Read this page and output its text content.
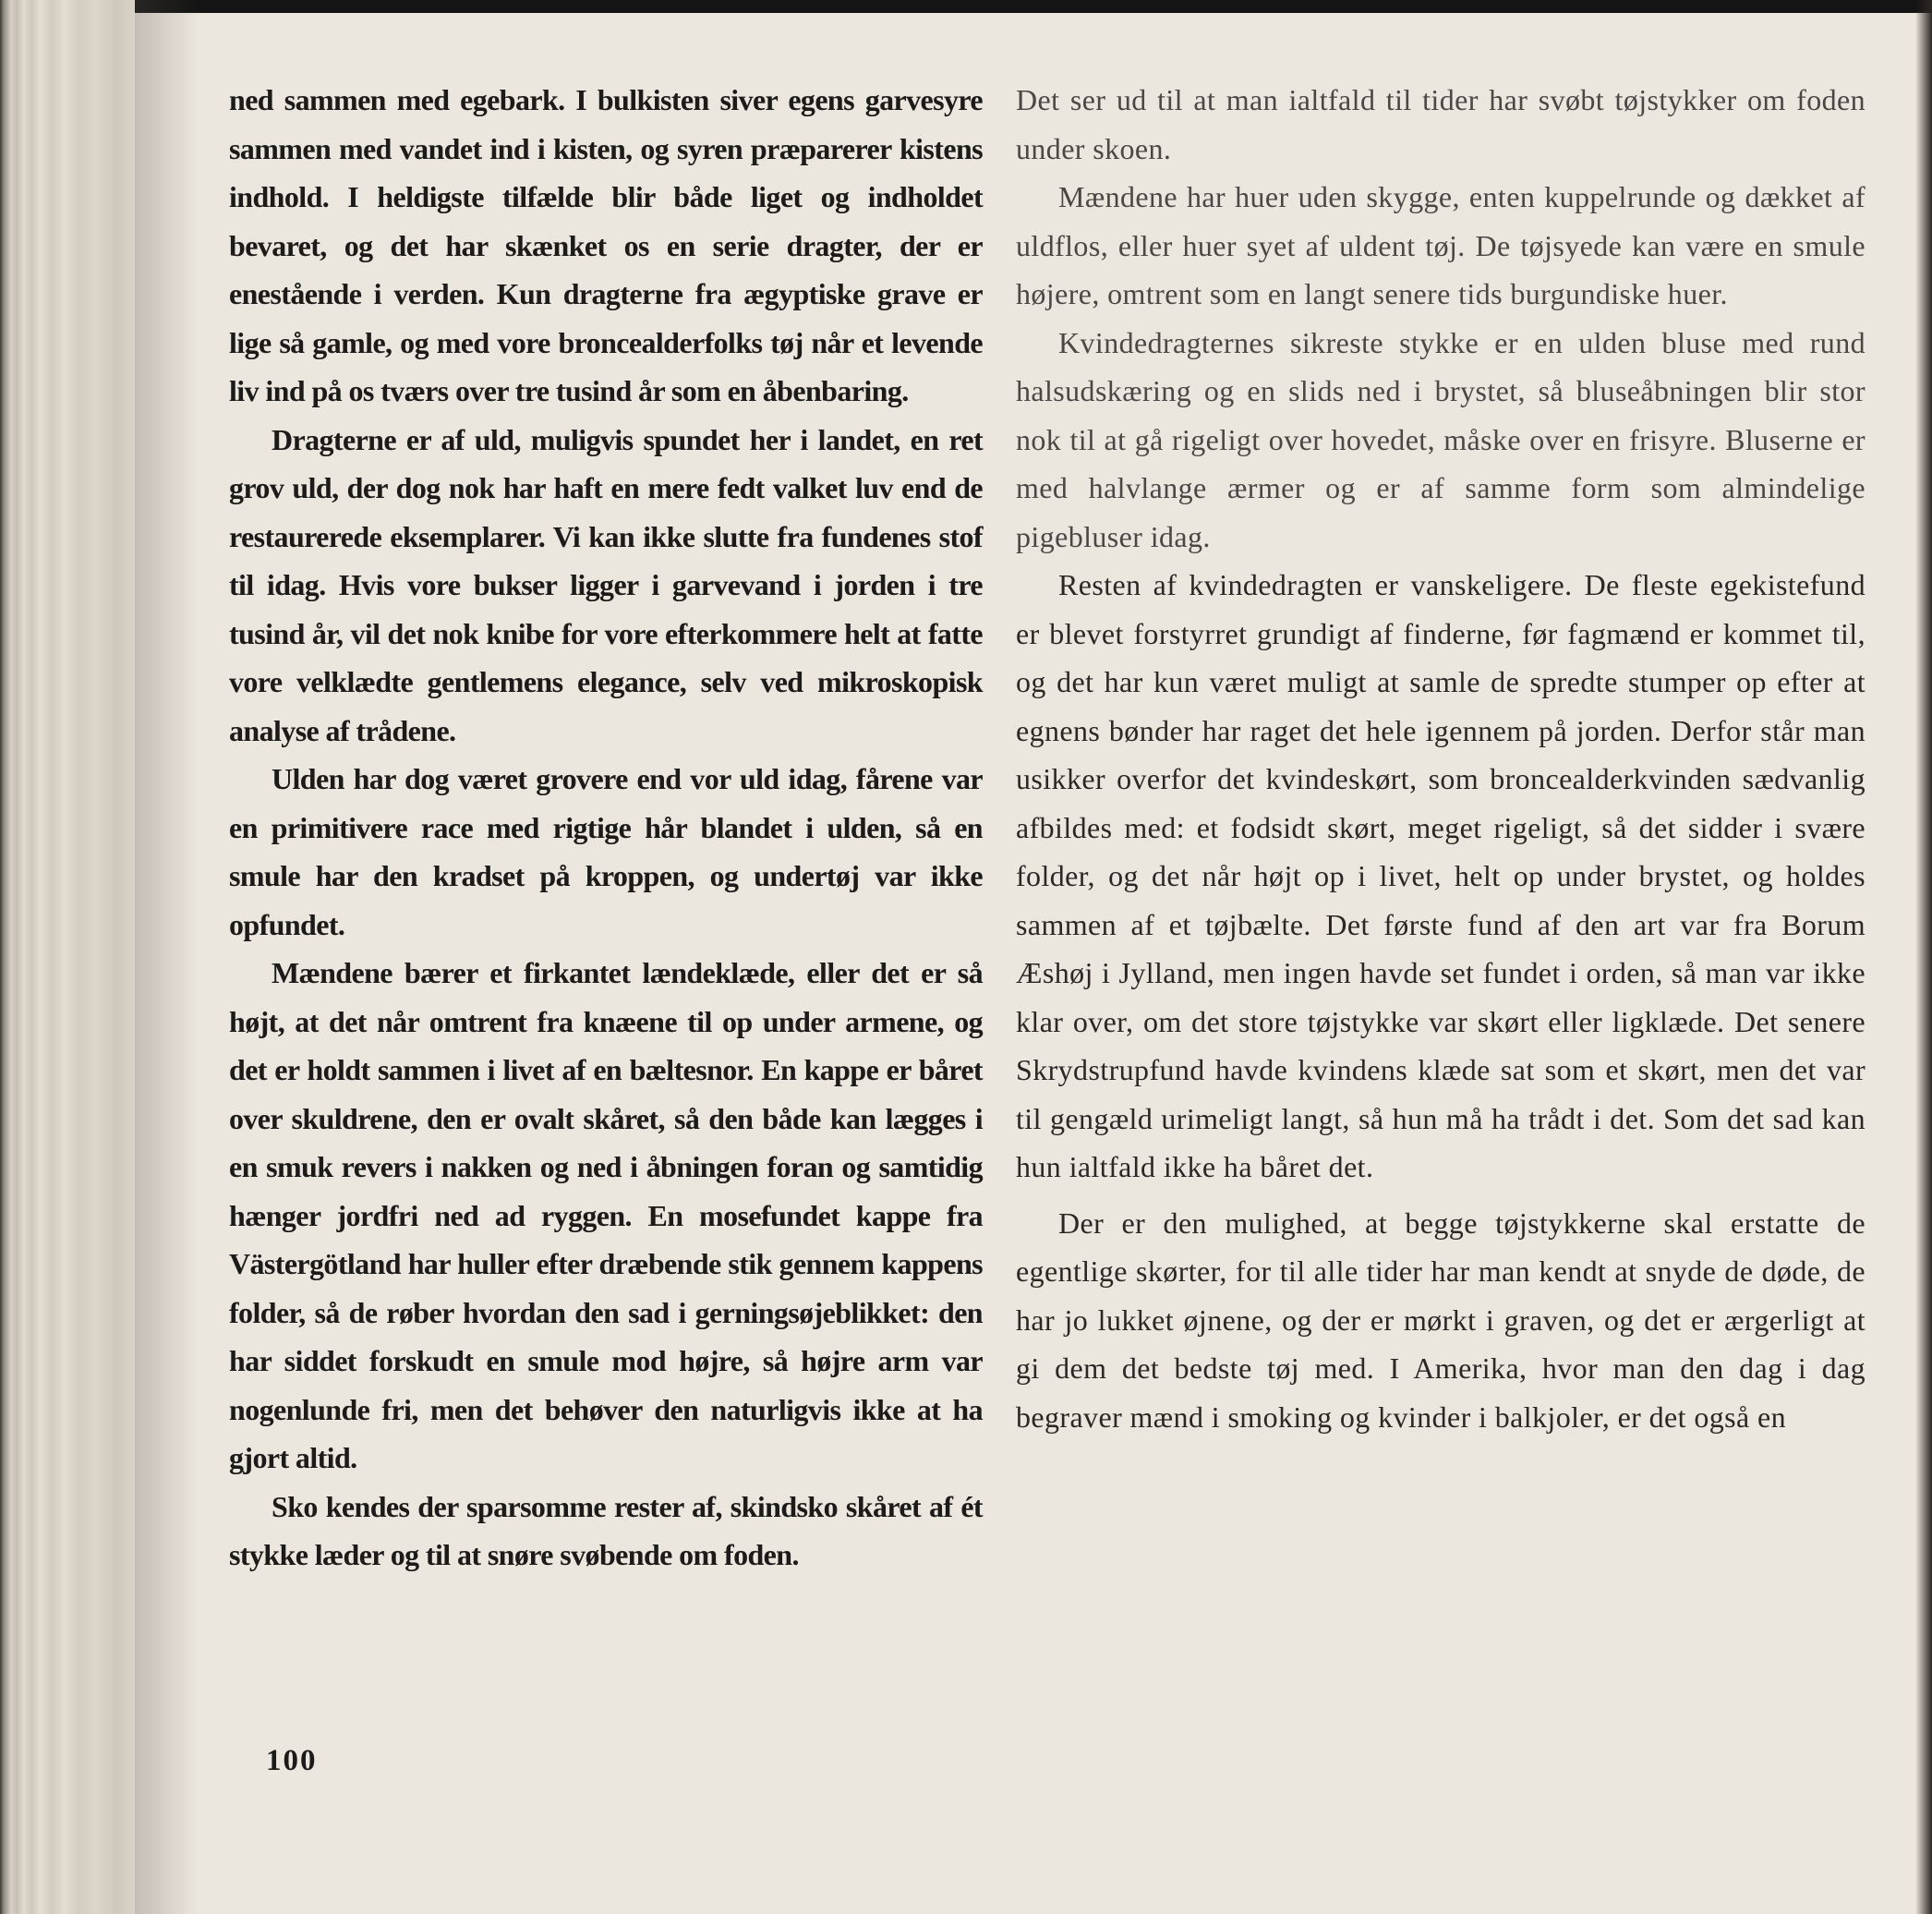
ned sammen med egebark. I bulkisten siver egens garvesyre sammen med vandet ind i kisten, og syren præparerer kistens indhold. I heldigste tilfælde blir både liget og indholdet bevaret, og det har skænket os en serie dragter, der er enestående i verden. Kun dragterne fra ægyptiske grave er lige så gamle, og med vore broncealderfolks tøj når et levende liv ind på os tværs over tre tusind år som en åbenbaring.

Dragterne er af uld, muligvis spundet her i landet, en ret grov uld, der dog nok har haft en mere fedt valket luv end de restaurerede eksemplarer. Vi kan ikke slutte fra fundenes stof til idag. Hvis vore bukser ligger i garvevand i jorden i tre tusind år, vil det nok knibe for vore efterkommere helt at fatte vore velklædte gentlemens elegance, selv ved mikroskopisk analyse af trådene.

Ulden har dog været grovere end vor uld idag, fårene var en primitivere race med rigtige hår blandet i ulden, så en smule har den kradset på kroppen, og undertøj var ikke opfundet.

Mændene bærer et firkantet lændeklæde, eller det er så højt, at det når omtrent fra knæene til op under armene, og det er holdt sammen i livet af en bæltesnor. En kappe er båret over skuldrene, den er ovalt skåret, så den både kan lægges i en smuk revers i nakken og ned i åbningen foran og samtidig hænger jordfri ned ad ryggen. En mosefundet kappe fra Västergötland har huller efter dræbende stik gennem kappens folder, så de røber hvordan den sad i gerningsøjeblikket: den har siddet forskudt en smule mod højre, så højre arm var nogenlunde fri, men det behøver den naturligvis ikke at ha gjort altid.

Sko kendes der sparsomme rester af, skindsko skåret af ét stykke læder og til at snøre svøbende om foden.

Det ser ud til at man ialtfald til tider har svøbt tøjstykker om foden under skoen.

Mændene har huer uden skygge, enten kuppelrunde og dækket af uldflos, eller huer syet af uldent tøj. De tøjsyede kan være en smule højere, omtrent som en langt senere tids burgundiske huer.

Kvindedragternes sikreste stykke er en ulden bluse med rund halsudskæring og en slids ned i brystet, så bluseåbningen blir stor nok til at gå rigeligt over hovedet, måske over en frisyre. Bluserne er med halvlange ærmer og er af samme form som almindelige pigebluser idag.

Resten af kvindedragten er vanskeligere. De fleste egekistefund er blevet forstyrret grundigt af finderne, før fagmænd er kommet til, og det har kun været muligt at samle de spredte stumper op efter at egnens bønder har raget det hele igennem på jorden. Derfor står man usikker overfor det kvindeskørt, som broncealderkvinden sædvanlig afbildes med: et fodsidt skørt, meget rigeligt, så det sidder i svære folder, og det når højt op i livet, helt op under brystet, og holdes sammen af et tøjbælte. Det første fund af den art var fra Borum Æshøj i Jylland, men ingen havde set fundet i orden, så man var ikke klar over, om det store tøjstykke var skørt eller ligklæde. Det senere Skrydstrupfund havde kvindens klæde sat som et skørt, men det var til gengæld urimeligt langt, så hun må ha trådt i det. Som det sad kan hun ialtfald ikke ha båret det.

Der er den mulighed, at begge tøjstykkerne skal erstatte de egentlige skørter, for til alle tider har man kendt at snyde de døde, de har jo lukket øjnene, og der er mørkt i graven, og det er ærgerligt at gi dem det bedste tøj med. I Amerika, hvor man den dag i dag begraver mænd i smoking og kvinder i balkjoler, er det også en

100
